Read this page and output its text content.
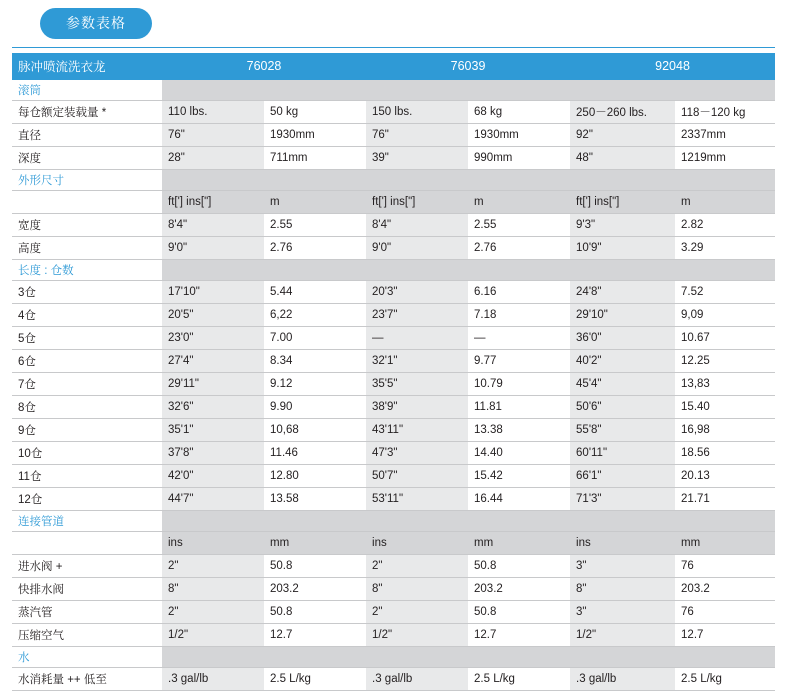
参数表格
脉冲喷流洗衣龙	76028		76039		92048	
滚筒						
每仓额定装载量 *	110 lbs.	50 kg	150 lbs.	68 kg	250－260 lbs.	118－120 kg
直径	76"	1930mm	76"	1930mm	92"	2337mm
深度	28"	711mm	39"	990mm	48"	1219mm
外形尺寸						
	ft['] ins["]	m	ft['] ins["]	m	ft['] ins["]	m
宽度	8'4"	2.55	8'4"	2.55	9'3"	2.82
高度	9'0"	2.76	9'0"	2.76	10'9"	3.29
长度 : 仓数						
3仓	17'10"	5.44	20'3"	6.16	24'8"	7.52
4仓	20'5"	6,22	23'7"	7.18	29'10"	9,09
5仓	23'0"	7.00	—	—	36'0"	10.67
6仓	27'4"	8.34	32'1"	9.77	40'2"	12.25
7仓	29'11"	9.12	35'5"	10.79	45'4"	13,83
8仓	32'6"	9.90	38'9"	11.81	50'6"	15.40
9仓	35'1"	10,68	43'11"	13.38	55'8"	16,98
10仓	37'8"	11.46	47'3"	14.40	60'11"	18.56
11仓	42'0"	12.80	50'7"	15.42	66'1"	20.13
12仓	44'7"	13.58	53'11"	16.44	71'3"	21.71
连接管道						
	ins	mm	ins	mm	ins	mm
进水阀 +	2"	50.8	2"	50.8	3"	76
快排水阀	8"	203.2	8"	203.2	8"	203.2
蒸汽管	2"	50.8	2"	50.8	3"	76
压缩空气	1/2"	12.7	1/2"	12.7	1/2"	12.7
水						
水消耗量 ++ 低至	.3 gal/lb	2.5 L/kg	.3 gal/lb	2.5 L/kg	.3 gal/lb	2.5 L/kg
